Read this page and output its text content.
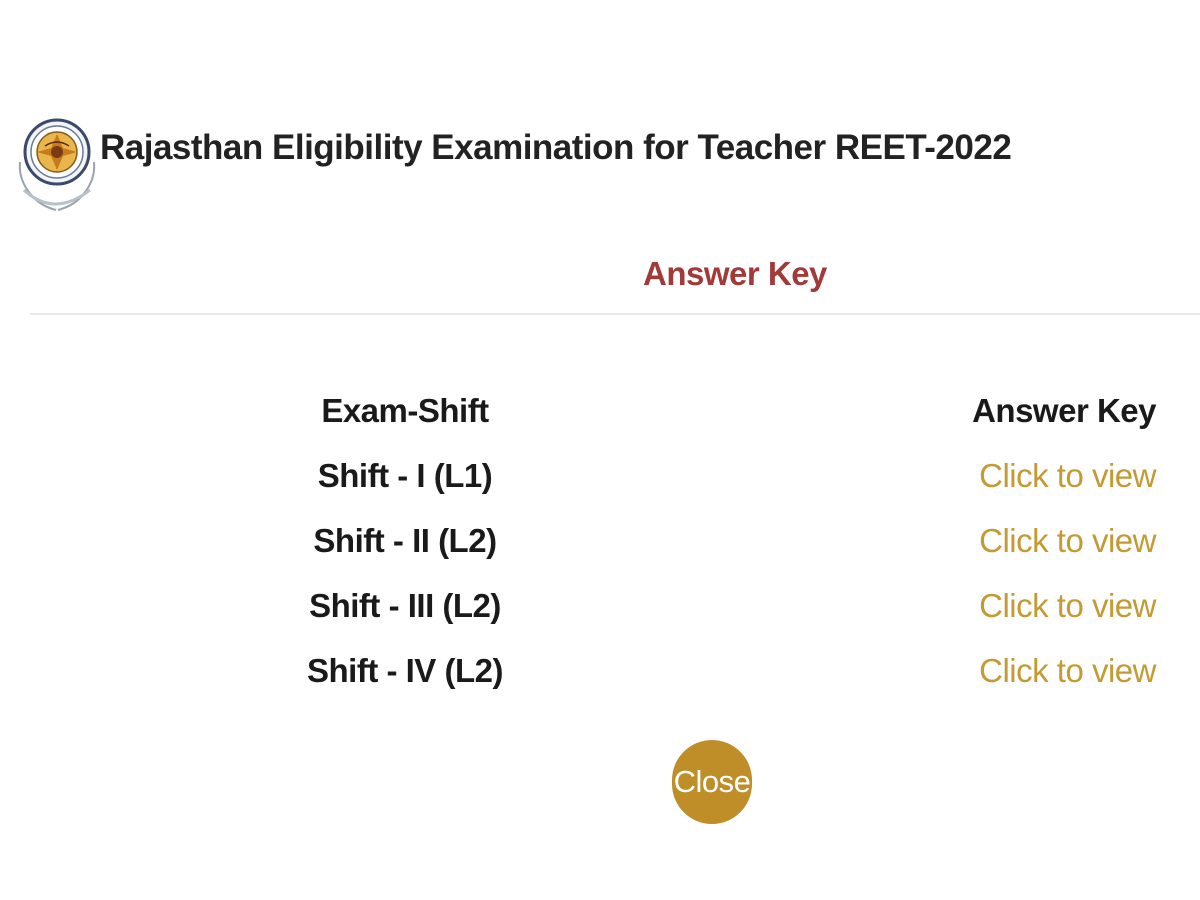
Rajasthan Eligibility Examination for Teacher REET-2022
Answer Key
Exam-Shift	Answer Key
Shift - I (L1)	Click to view
Shift - II (L2)	Click to view
Shift - III (L2)	Click to view
Shift - IV (L2)	Click to view
Close
